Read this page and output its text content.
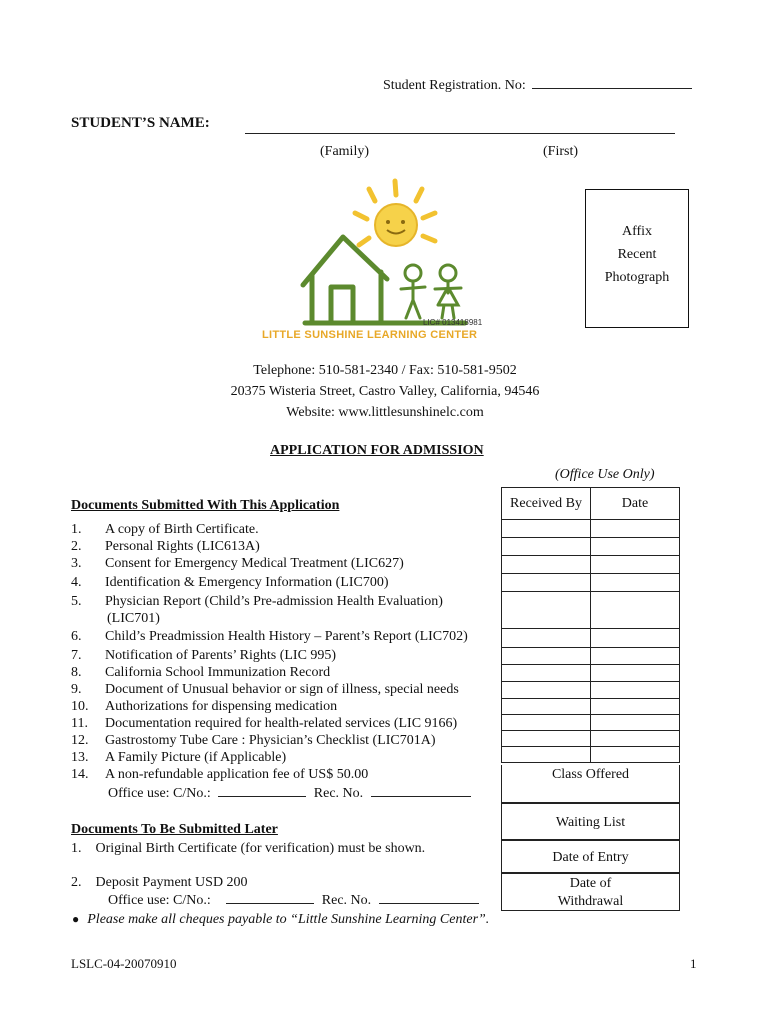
Student Registration. No:
STUDENT’S NAME:
(Family)	(First)
LIC# 013418981
LITTLE SUNSHINE LEARNING CENTER
Affix
Recent
Photograph
Telephone: 510-581-2340 / Fax: 510-581-9502
20375 Wisteria Street, Castro Valley, California, 94546
Website: www.littlesunshinelc.com
APPLICATION FOR ADMISSION
(Office Use Only)
Documents Submitted With This Application
1. A copy of Birth Certificate.
2. Personal Rights (LIC613A)
3. Consent for Emergency Medical Treatment (LIC627)
4. Identification & Emergency Information (LIC700)
5. Physician Report (Child’s Pre-admission Health Evaluation)
(LIC701)
6. Child’s Preadmission Health History – Parent’s Report (LIC702)
7. Notification of Parents’ Rights (LIC 995)
8. California School Immunization Record
9. Document of Unusual behavior or sign of illness, special needs
10. Authorizations for dispensing medication
11. Documentation required for health-related services (LIC 9166)
12. Gastrostomy Tube Care : Physician’s Checklist (LIC701A)
13. A Family Picture (if Applicable)
14. A non-refundable application fee of US$ 50.00
Office use: C/No.:	Rec. No.
Documents To Be Submitted Later
1. Original Birth Certificate (for verification) must be shown.
2. Deposit Payment USD 200
Office use: C/No.:	Rec. No.
● Please make all cheques payable to “Little Sunshine Learning Center”.
Received By	Date

Class Offered
Waiting List
Date of Entry
Date of
Withdrawal
LSLC-04-20070910	1
